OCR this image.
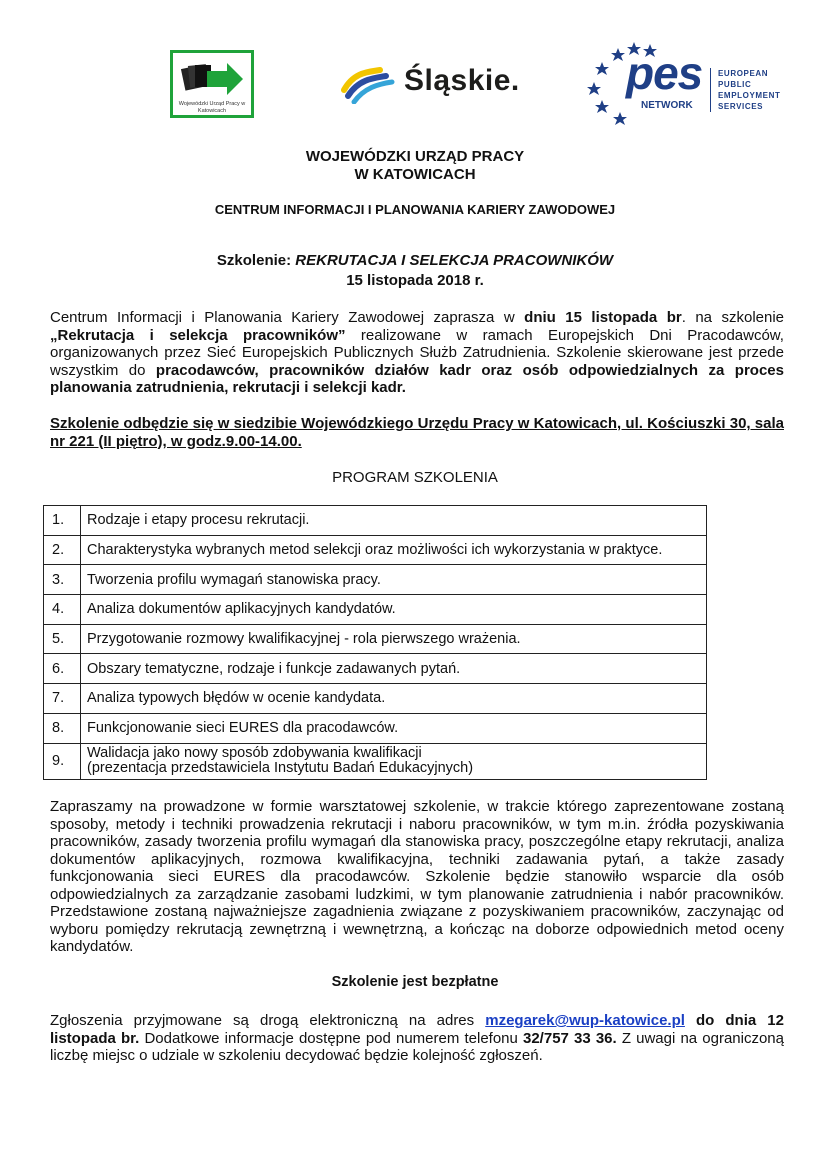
Wojewódzki Urząd Pracy w Katowicach
Śląskie. pes
NETWORK
EUROPEAN
PUBLIC
EMPLOYMENT
SERVICES
WOJEWÓDZKI URZĄD PRACY
W KATOWICACH
CENTRUM INFORMACJI I PLANOWANIA KARIERY ZAWODOWEJ
Szkolenie: REKRUTACJA I SELEKCJA PRACOWNIKÓW
15 listopada 2018 r.
Centrum Informacji i Planowania Kariery Zawodowej zaprasza w dniu 15 listopada br. na szkolenie „Rekrutacja i selekcja pracowników” realizowane w ramach Europejskich Dni Pracodawców, organizowanych przez Sieć Europejskich Publicznych Służb Zatrudnienia. Szkolenie skierowane jest przede wszystkim do pracodawców, pracowników działów kadr oraz osób odpowiedzialnych za proces planowania zatrudnienia, rekrutacji i selekcji kadr.
Szkolenie odbędzie się w siedzibie Wojewódzkiego Urzędu Pracy w Katowicach, ul. Kościuszki 30, sala nr 221 (II piętro), w godz.9.00-14.00.
PROGRAM SZKOLENIA
1.	Rodzaje i etapy procesu rekrutacji.
2.	Charakterystyka wybranych metod selekcji oraz możliwości ich wykorzystania w praktyce.
3.	Tworzenia profilu wymagań stanowiska pracy.
4.	Analiza dokumentów aplikacyjnych kandydatów.
5.	Przygotowanie rozmowy kwalifikacyjnej - rola pierwszego wrażenia.
6.	Obszary tematyczne, rodzaje i funkcje zadawanych pytań.
7.	Analiza typowych błędów w ocenie kandydata.
8.	Funkcjonowanie sieci EURES dla pracodawców.
9.	Walidacja jako nowy sposób zdobywania kwalifikacji
(prezentacja przedstawiciela Instytutu Badań Edukacyjnych)
Zapraszamy na prowadzone w formie warsztatowej szkolenie, w trakcie którego zaprezentowane zostaną sposoby, metody i techniki prowadzenia rekrutacji i naboru pracowników, w tym m.in. źródła pozyskiwania pracowników, zasady tworzenia profilu wymagań dla stanowiska pracy, poszczególne etapy rekrutacji, analiza dokumentów aplikacyjnych, rozmowa kwalifikacyjna, techniki zadawania pytań, a także zasady funkcjonowania sieci EURES dla pracodawców. Szkolenie będzie stanowiło wsparcie dla osób odpowiedzialnych za zarządzanie zasobami ludzkimi, w tym planowanie zatrudnienia i nabór pracowników. Przedstawione zostaną najważniejsze zagadnienia związane z pozyskiwaniem pracowników, zaczynając od wyboru pomiędzy rekrutacją zewnętrzną i wewnętrzną, a kończąc na doborze odpowiednich metod oceny kandydatów.
Szkolenie jest bezpłatne
Zgłoszenia przyjmowane są drogą elektroniczną na adres mzegarek@wup-katowice.pl do dnia 12 listopada br. Dodatkowe informacje dostępne pod numerem telefonu 32/757 33 36. Z uwagi na ograniczoną liczbę miejsc o udziale w szkoleniu decydować będzie kolejność zgłoszeń.
